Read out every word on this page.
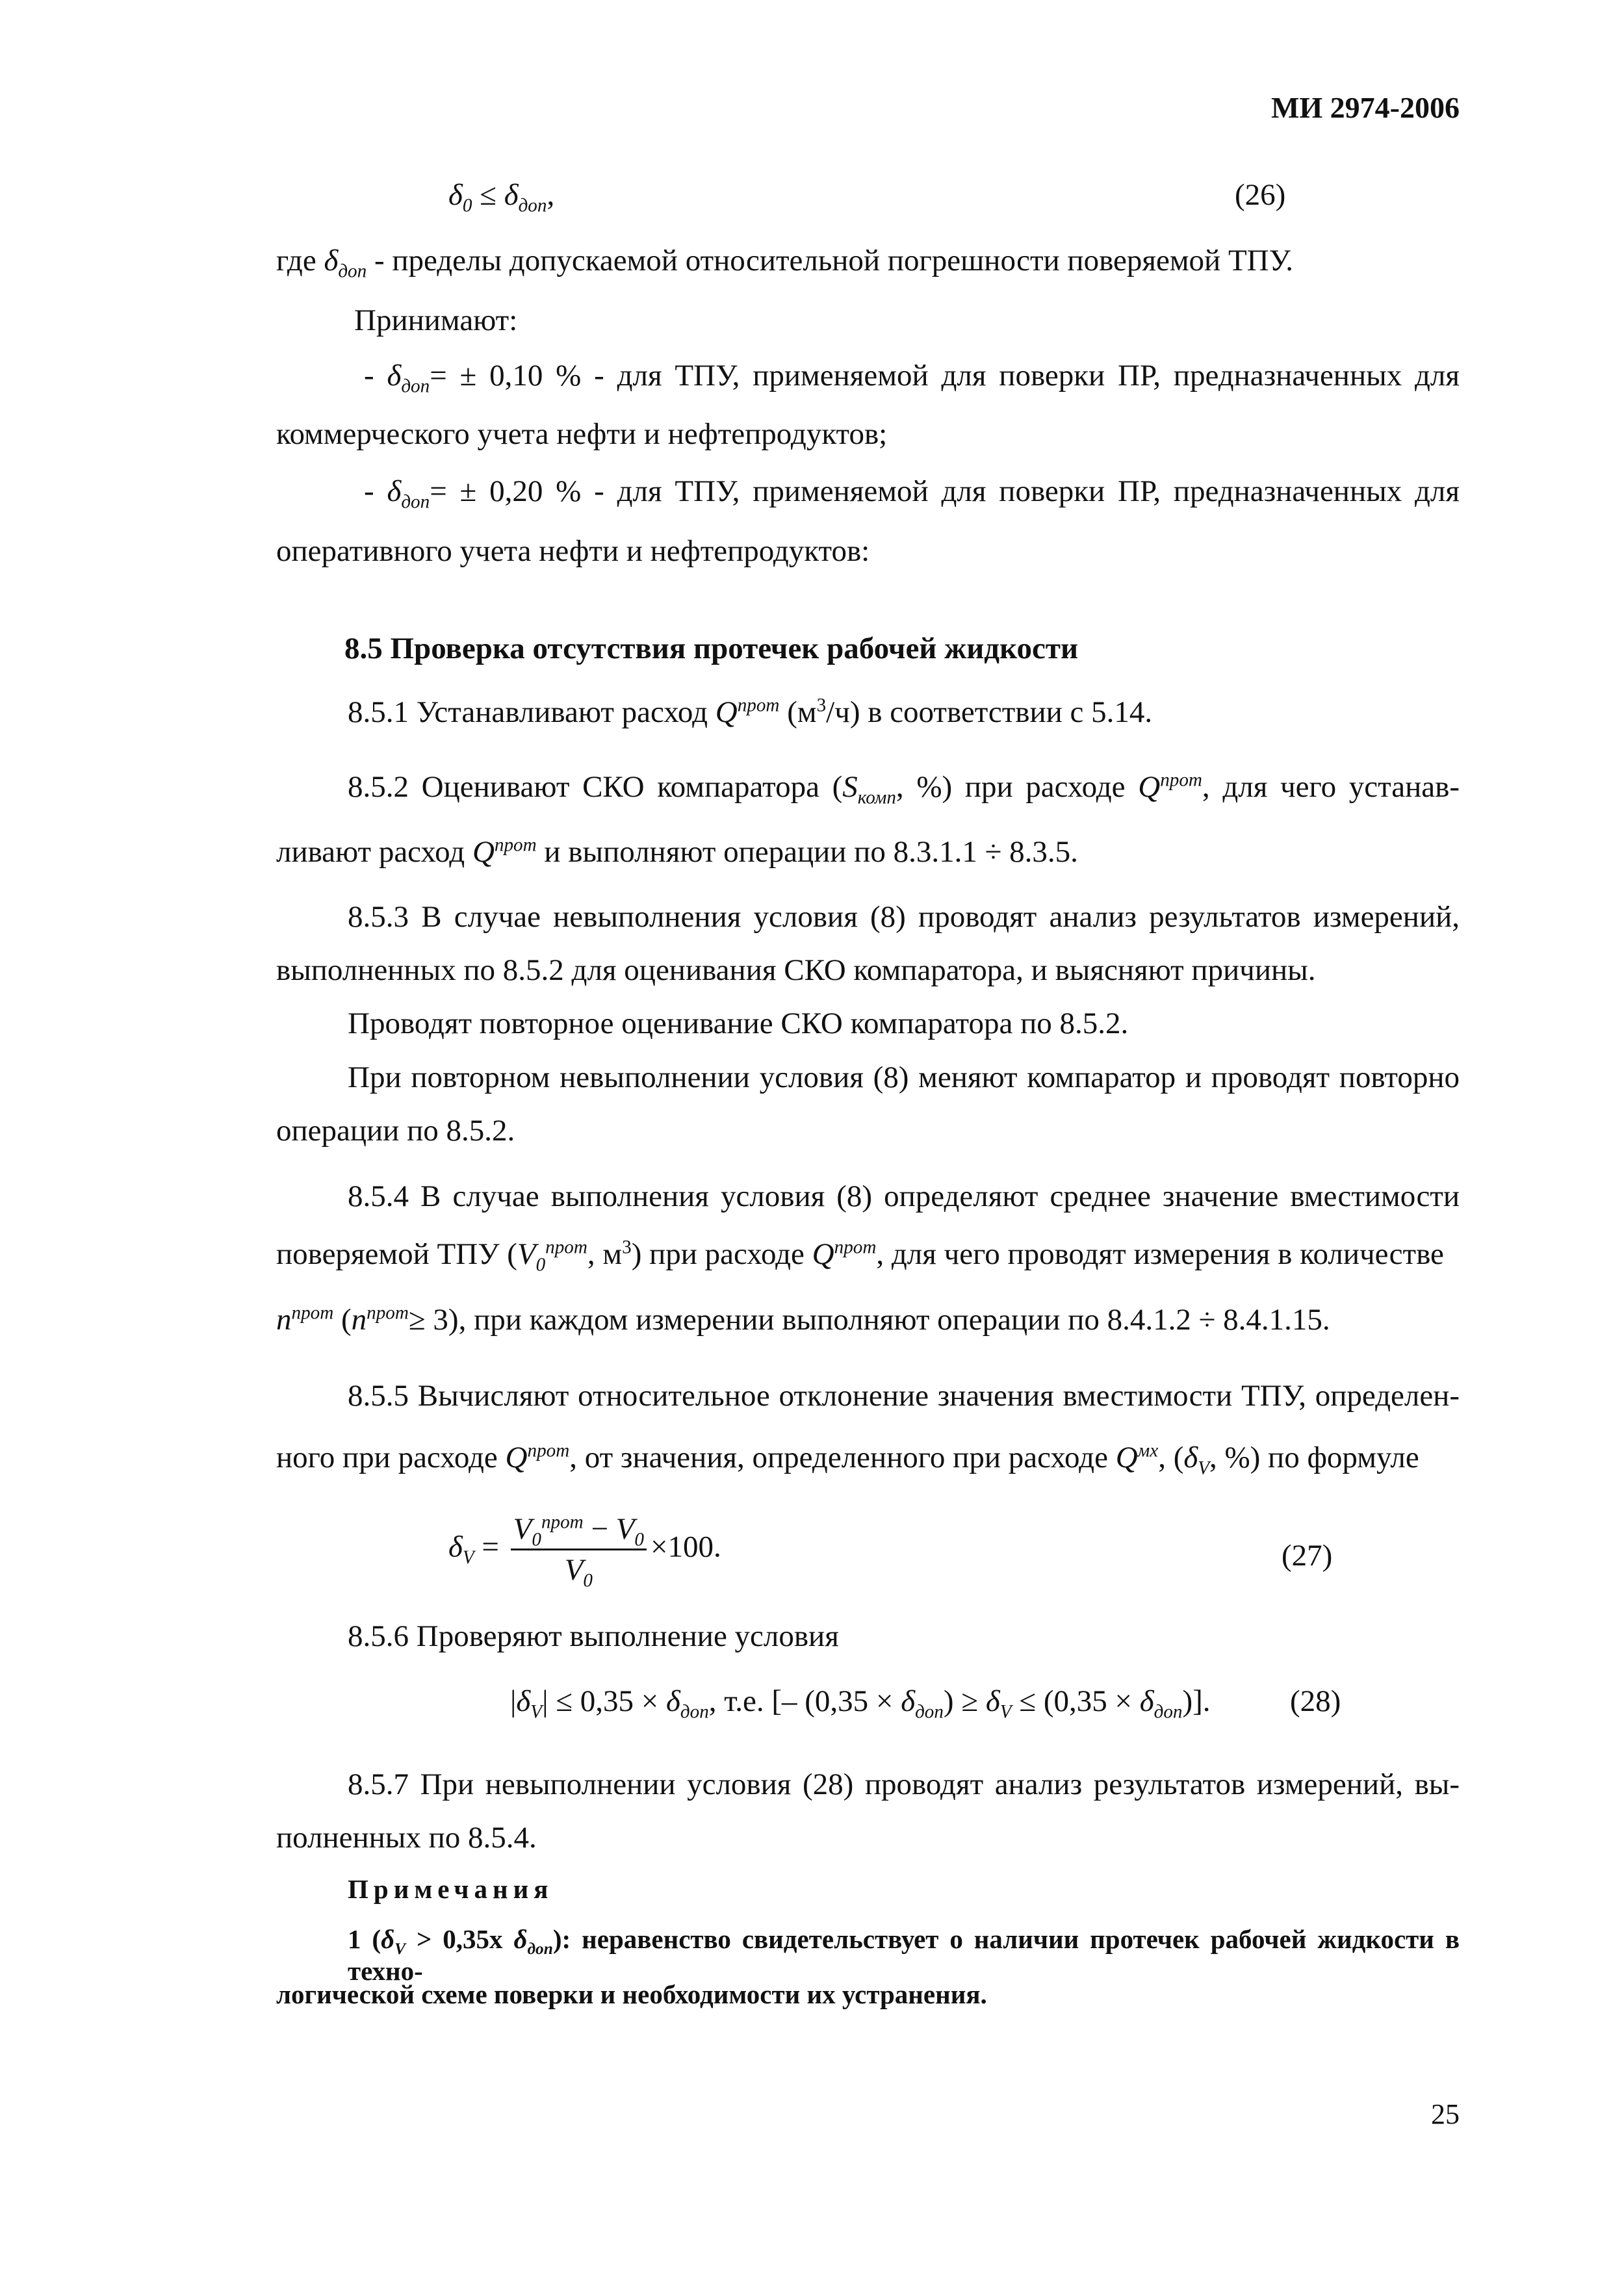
МИ 2974-2006
$\delta_0 \le \delta_{доп}$,	(26)
где $\delta_{доп}$ - пределы допускаемой относительной погрешности поверяемой ТПУ.
Принимают:
- $\delta_{доп}= \pm 0,10$ % - для ТПУ, применяемой для поверки ПР, предназначенных для
коммерческого учета нефти и нефтепродуктов;
- $\delta_{доп}= \pm 0,20$ % - для ТПУ, применяемой для поверки ПР, предназначенных для
оперативного учета нефти и нефтепродуктов:
8.5 Проверка отсутствия протечек рабочей жидкости
8.5.1 Устанавливают расход $Q^{прот}$ $(м^3/ч)$ в соответствии с 5.14.
8.5.2 Оценивают СКО компаратора ($S_{комп}$, %) при расходе $Q^{прот}$, для чего устанав-
ливают расход $Q^{прот}$ и выполняют операции по 8.3.1.1 ÷ 8.3.5.
8.5.3 В случае невыполнения условия (8) проводят анализ результатов измерений,
выполненных по 8.5.2 для оценивания СКО компаратора, и выясняют причины.
Проводят повторное оценивание СКО компаратора по 8.5.2.
При повторном невыполнении условия (8) меняют компаратор и проводят повторно
операции по 8.5.2.
8.5.4 В случае выполнения условия (8) определяют среднее значение вместимости
поверяемой ТПУ ($V_0^{прот}$, $м^3$) при расходе $Q^{прот}$, для чего проводят измерения в количестве
$n^{прот}$ $(n^{прот}\ge 3)$, при каждом измерении выполняют операции по 8.4.1.2 ÷ 8.4.1.15.
8.5.5 Вычисляют относительное отклонение значения вместимости ТПУ, определен-
ного при расходе $Q^{прот}$, от значения, определенного при расходе $Q^{мх}$, ($\delta_V$, %) по формуле
$\delta_V = \frac{V_0^{прот} - V_0}{V_0} \times 100$.	(27)
8.5.6 Проверяют выполнение условия
$|\delta_V| \le 0,35 \times \delta_{доп}$, т.е. [– $(0,35 \times \delta_{доп}) \ge \delta_V \le (0,35 \times \delta_{доп})$].	(28)
8.5.7 При невыполнении условия (28) проводят анализ результатов измерений, вы-
полненных по 8.5.4.
Примечания
1 ($\delta_V > 0,35х$ $\delta_{доп}$): неравенство свидетельствует о наличии протечек рабочей жидкости в техно-
логической схеме поверки и необходимости их устранения.
25
